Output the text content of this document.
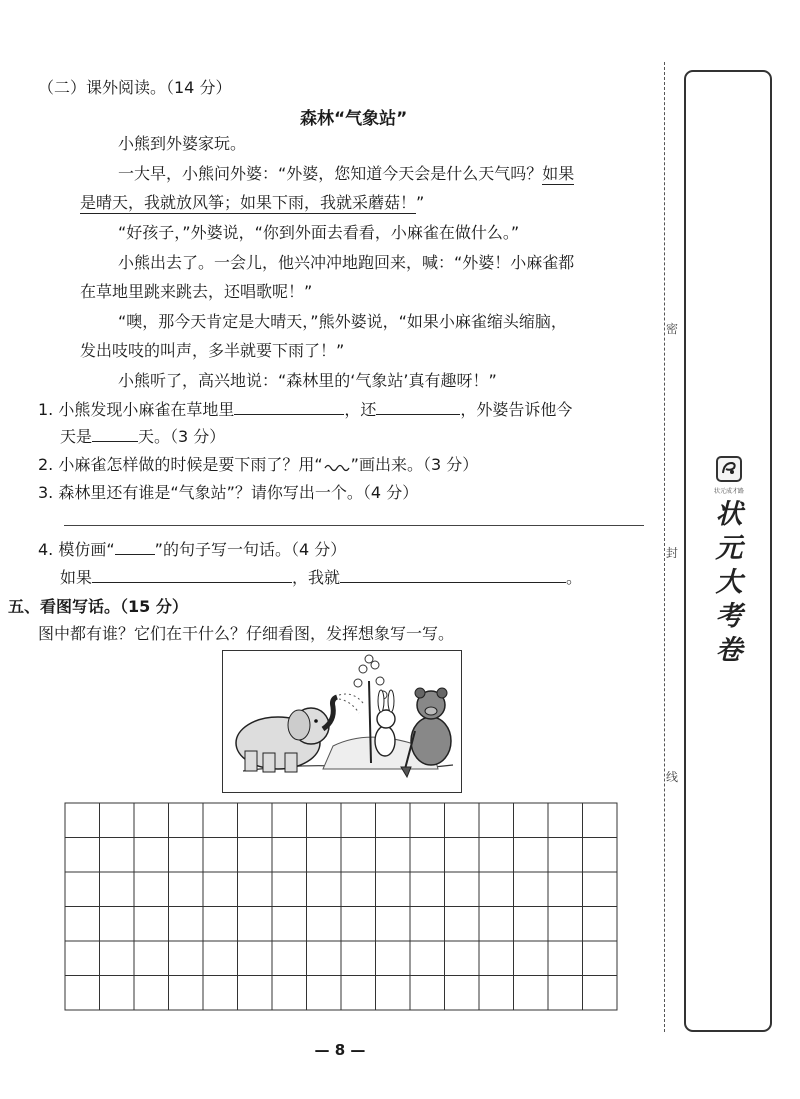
（二）课外阅读。（14 分）
森林“气象站”
小熊到外婆家玩。
一大早，小熊问外婆：“外婆，您知道今天会是什么天气吗？如果
是晴天，我就放风筝；如果下雨，我就采蘑菇！”
“好孩子，”外婆说，“你到外面去看看，小麻雀在做什么。”
小熊出去了。一会儿，他兴冲冲地跑回来，喊：“外婆！小麻雀都
在草地里跳来跳去，还唱歌呢！”
“噢，那今天肯定是大晴天，”熊外婆说，“如果小麻雀缩头缩脑，
发出吱吱的叫声，多半就要下雨了！”
小熊听了，高兴地说：“森林里的‘气象站’真有趣呀！”
1. 小熊发现小麻雀在草地里	，还	，外婆告诉他今
天是	天。（3 分）
2. 小麻雀怎样做的时候是要下雨了？用“ ”画出来。（3 分）
3. 森林里还有谁是“气象站”？请你写出一个。（4 分）
4. 模仿画“	”的句子写一句话。（4 分）
如果	，我就	。
五、看图写话。（15 分）
图中都有谁？它们在干什么？仔细看图，发挥想象写一写。
密
封
线
状元成才路
状元大考卷
— 8 —
